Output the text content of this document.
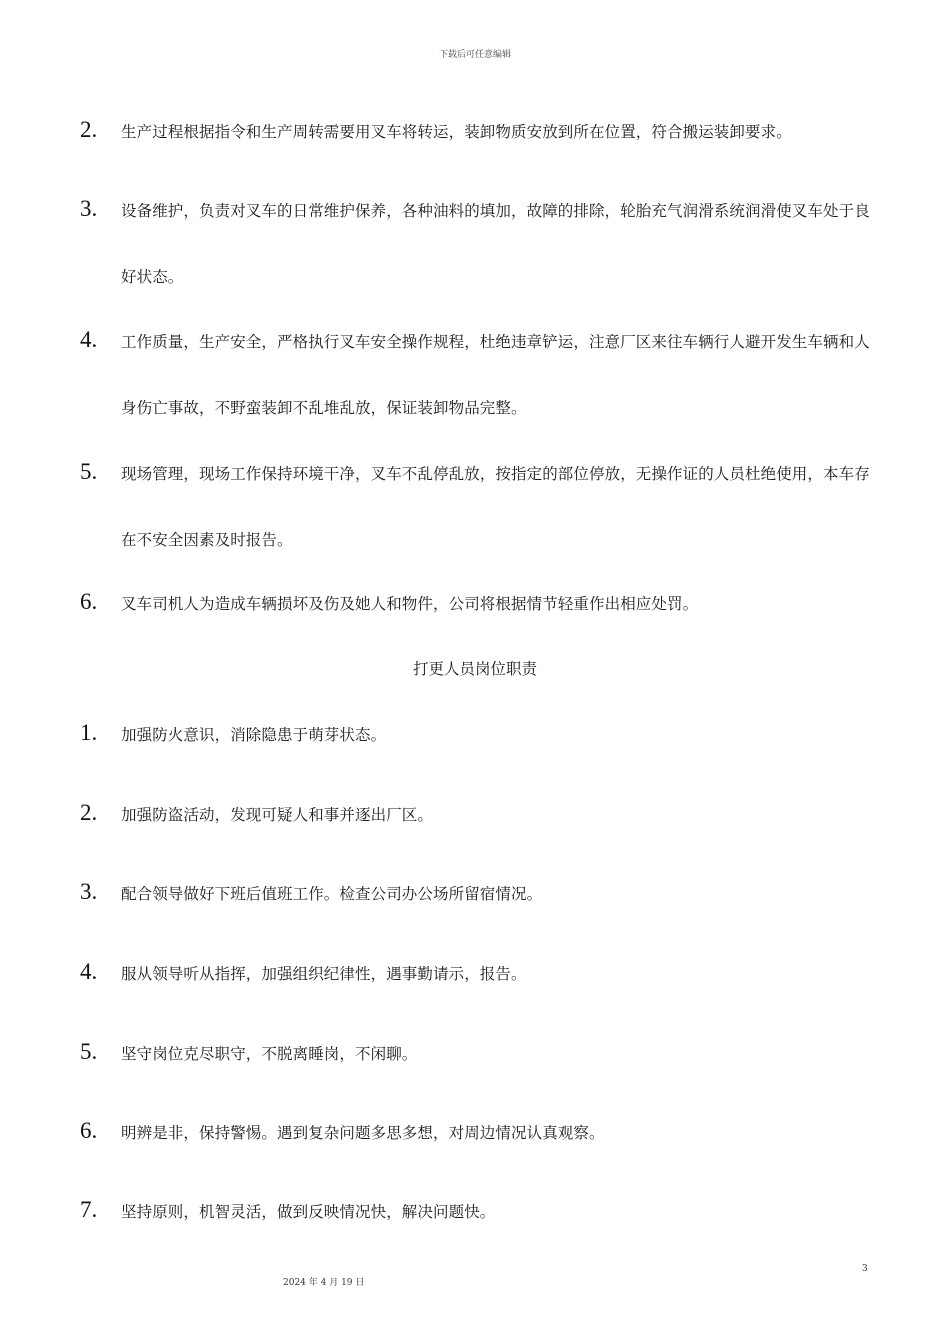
下载后可任意编辑
2. 生产过程根据指令和生产周转需要用叉车将转运，装卸物质安放到所在位置，符合搬运装卸要求。
3. 设备维护，负责对叉车的日常维护保养，各种油料的填加，故障的排除，轮胎充气润滑系统润滑使叉车处于良好状态。
4. 工作质量，生产安全，严格执行叉车安全操作规程，杜绝违章铲运，注意厂区来往车辆行人避开发生车辆和人身伤亡事故，不野蛮装卸不乱堆乱放，保证装卸物品完整。
5. 现场管理，现场工作保持环境干净，叉车不乱停乱放，按指定的部位停放，无操作证的人员杜绝使用，本车存在不安全因素及时报告。
6. 叉车司机人为造成车辆损坏及伤及她人和物件，公司将根据情节轻重作出相应处罚。
打更人员岗位职责
1. 加强防火意识，消除隐患于萌芽状态。
2. 加强防盗活动，发现可疑人和事并逐出厂区。
3. 配合领导做好下班后值班工作。检查公司办公场所留宿情况。
4. 服从领导听从指挥，加强组织纪律性，遇事勤请示，报告。
5. 坚守岗位克尽职守，不脱离睡岗，不闲聊。
6. 明辨是非，保持警惕。遇到复杂问题多思多想，对周边情况认真观察。
7. 坚持原则，机智灵活，做到反映情况快，解决问题快。
3
2024 年 4 月 19 日
